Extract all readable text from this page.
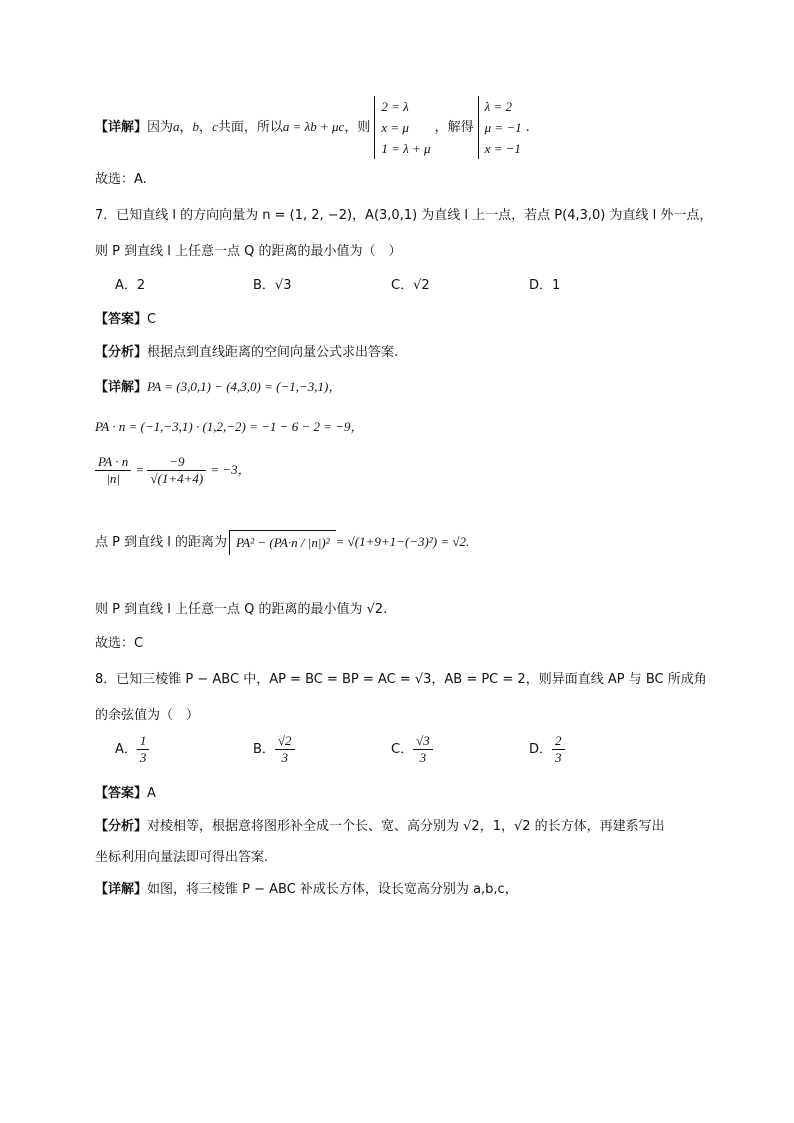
【详解】因为a，b，c共面，所以a = λb + μc，则
2 = λ
x = μ
1 = λ + μ
，解得
λ = 2
μ = −1
x = −1
.
故选：A.
7．已知直线 l 的方向向量为 n = (1, 2, −2)，A(3,0,1) 为直线 l 上一点，若点 P(4,3,0) 为直线 l 外一点，
则 P 到直线 l 上任意一点 Q 的距离的最小值为（　）
A．2	B．√3	C．√2	D．1
【答案】C
【分析】根据点到直线距离的空间向量公式求出答案.
【详解】PA = (3,0,1) − (4,3,0) = (−1,−3,1)，
PA · n = (−1,−3,1) · (1,2,−2) = −1 − 6 − 2 = −9，
$\frac{PA \cdot n}{|n|} = \frac{-9}{√(1+4+4)} = -3$，
点 P 到直线 l 的距离为 PA² − (PA·n / |n|)² = √(1+9+1−(−3)²) = √2.
则 P 到直线 l 上任意一点 Q 的距离的最小值为 √2.
故选：C
8．已知三棱锥 P − ABC 中，AP = BC = BP = AC = √3，AB = PC = 2，则异面直线 AP 与 BC 所成角
的余弦值为（　）
A． $\frac{1}{3}$	B． $\frac{√2}{3}$	C． $\frac{√3}{3}$	D． $\frac{2}{3}$
【答案】A
【分析】对棱相等，根据意将图形补全成一个长、宽、高分别为 √2，1，√2 的长方体，再建系写出
坐标利用向量法即可得出答案.
【详解】如图，将三棱锥 P − ABC 补成长方体，设长宽高分别为 a,b,c，
